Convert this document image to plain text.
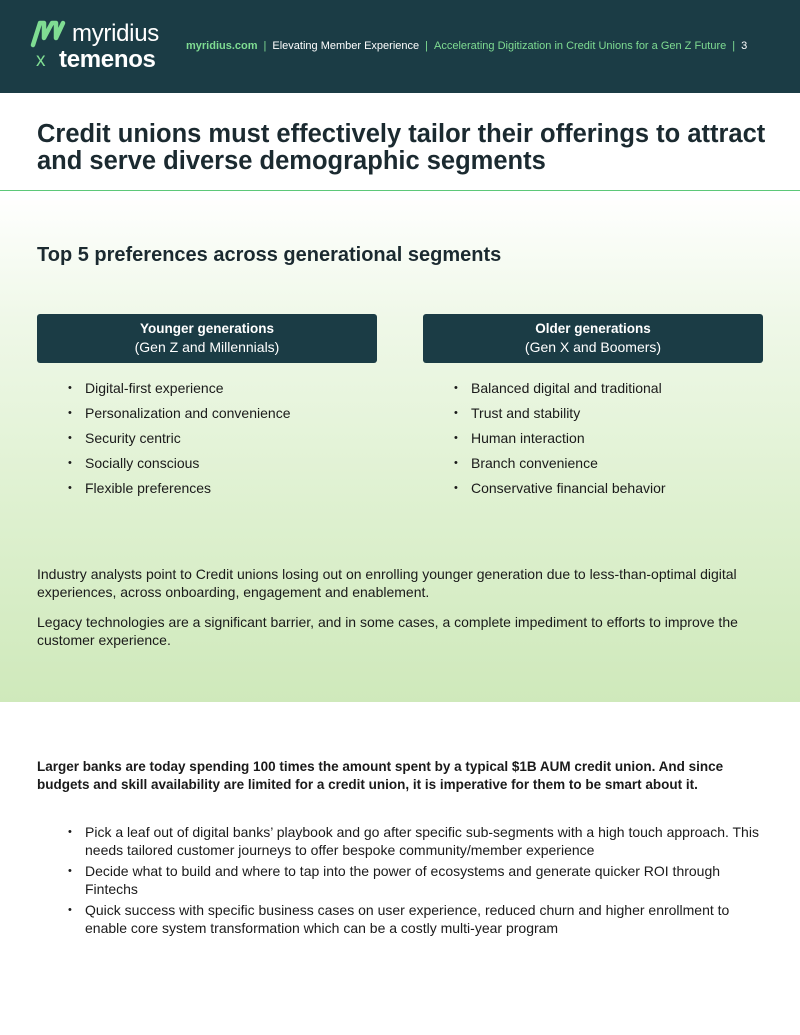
myridius
x temenos	myridius.com | Elevating Member Experience | Accelerating Digitization in Credit Unions for a Gen Z Future | 3
Credit unions must effectively tailor their offerings to attract and serve diverse demographic segments
Top 5 preferences across generational segments
Younger generations
(Gen Z and Millennials)
Older generations
(Gen X and Boomers)
• Digital-first experience
• Personalization and convenience
• Security centric
• Socially conscious
• Flexible preferences
• Balanced digital and traditional
• Trust and stability
• Human interaction
• Branch convenience
• Conservative financial behavior

Industry analysts point to Credit unions losing out on enrolling younger generation due to less-than-optimal digital experiences, across onboarding, engagement and enablement.

Legacy technologies are a significant barrier, and in some cases, a complete impediment to efforts to improve the customer experience.

Larger banks are today spending 100 times the amount spent by a typical $1B AUM credit union. And since budgets and skill availability are limited for a credit union, it is imperative for them to be smart about it.

• Pick a leaf out of digital banks’ playbook and go after specific sub-segments with a high touch approach. This needs tailored customer journeys to offer bespoke community/member experience
• Decide what to build and where to tap into the power of ecosystems and generate quicker ROI through Fintechs
• Quick success with specific business cases on user experience, reduced churn and higher enrollment to enable core system transformation which can be a costly multi-year program
